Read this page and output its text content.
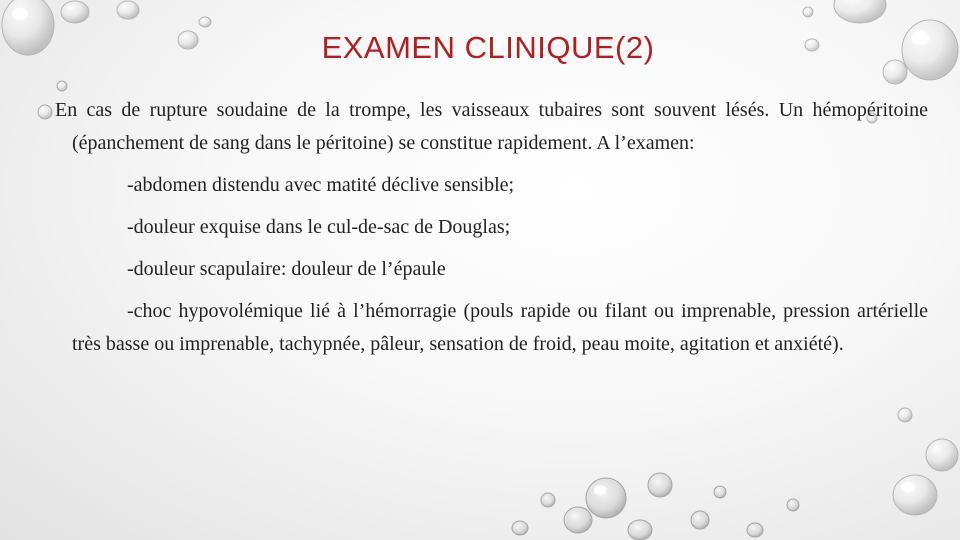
EXAMEN CLINIQUE(2)

En cas de rupture soudaine de la trompe, les vaisseaux tubaires sont souvent lésés. Un hémopéritoine (épanchement de sang dans le péritoine) se constitue rapidement. A l’examen:

-abdomen distendu avec matité déclive sensible;

-douleur exquise dans le cul-de-sac de Douglas;

-douleur scapulaire: douleur de l’épaule

-choc hypovolémique lié à l’hémorragie (pouls rapide ou filant ou imprenable, pression artérielle très basse ou imprenable, tachypnée, pâleur, sensation de froid, peau moite, agitation et anxiété).
